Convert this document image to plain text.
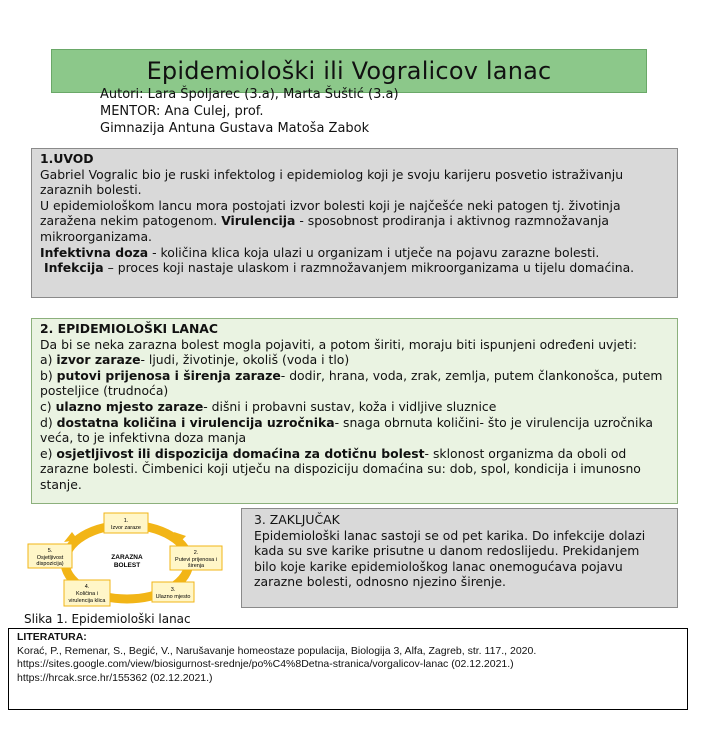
Epidemiološki ili Vogralicov lanac
Autori: Lara Špoljarec (3.a), Marta Šuštić (3.a)
MENTOR: Ana Culej, prof.
Gimnazija Antuna Gustava Matoša Zabok

1.UVOD

Gabriel Vogralic bio je ruski infektolog i epidemiolog koji je svoju karijeru posvetio istraživanju zaraznih bolesti.

U epidemiološkom lancu mora postojati izvor bolesti koji je najčešće neki patogen tj. životinja zaražena nekim patogenom. Virulencija - sposobnost prodiranja i aktivnog razmnožavanja mikroorganizama.

Infektivna doza - količina klica koja ulazi u organizam i utječe na pojavu zarazne bolesti.

Infekcija – proces koji nastaje ulaskom i razmnožavanjem mikroorganizama u tijelu domaćina.

2. EPIDEMIOLOŠKI LANAC

Da bi se neka zarazna bolest mogla pojaviti, a potom širiti, moraju biti ispunjeni određeni uvjeti:

a) izvor zaraze- ljudi, životinje, okoliš (voda i tlo)

b) putovi prijenosa i širenja zaraze- dodir, hrana, voda, zrak, zemlja, putem člankonošca, putem posteljice (trudnoća)

c) ulazno mjesto zaraze- dišni i probavni sustav, koža i vidljive sluznice

d) dostatna količina i virulencija uzročnika- snaga obrnuta količini- što je virulencija uzročnika veća, to je infektivna doza manja

e) osjetljivost ili dispozicija domaćina za dotičnu bolest- sklonost organizma da oboli od zarazne bolesti. Čimbenici koji utječu na dispoziciju domaćina su: dob, spol, kondicija i imunosno stanje.

ZARAZNA
BOLEST
1.
Izvor zaraze
2.
Putevi prijenosa i
širenja
3.
Ulazno mjesto
4.
Količina i
virulencija klica
5.
Osjetljivost
dispozicija)
Slika 1. Epidemiološki lanac

3. ZAKLJUČAK

Epidemiološki lanac sastoji se od pet karika. Do infekcije dolazi kada su sve karike prisutne u danom redoslijedu. Prekidanjem bilo koje karike epidemiološkog lanac onemogućava pojavu zarazne bolesti, odnosno njezino širenje.

LITERATURA:

Korać, P., Remenar, S., Begić, V., Narušavanje homeostaze populacija, Biologija 3, Alfa, Zagreb, str. 117., 2020.

https://sites.google.com/view/biosigurnost-srednje/po%C4%8Detna-stranica/vorgalicov-lanac (02.12.2021.)

https://hrcak.srce.hr/155362 (02.12.2021.)
